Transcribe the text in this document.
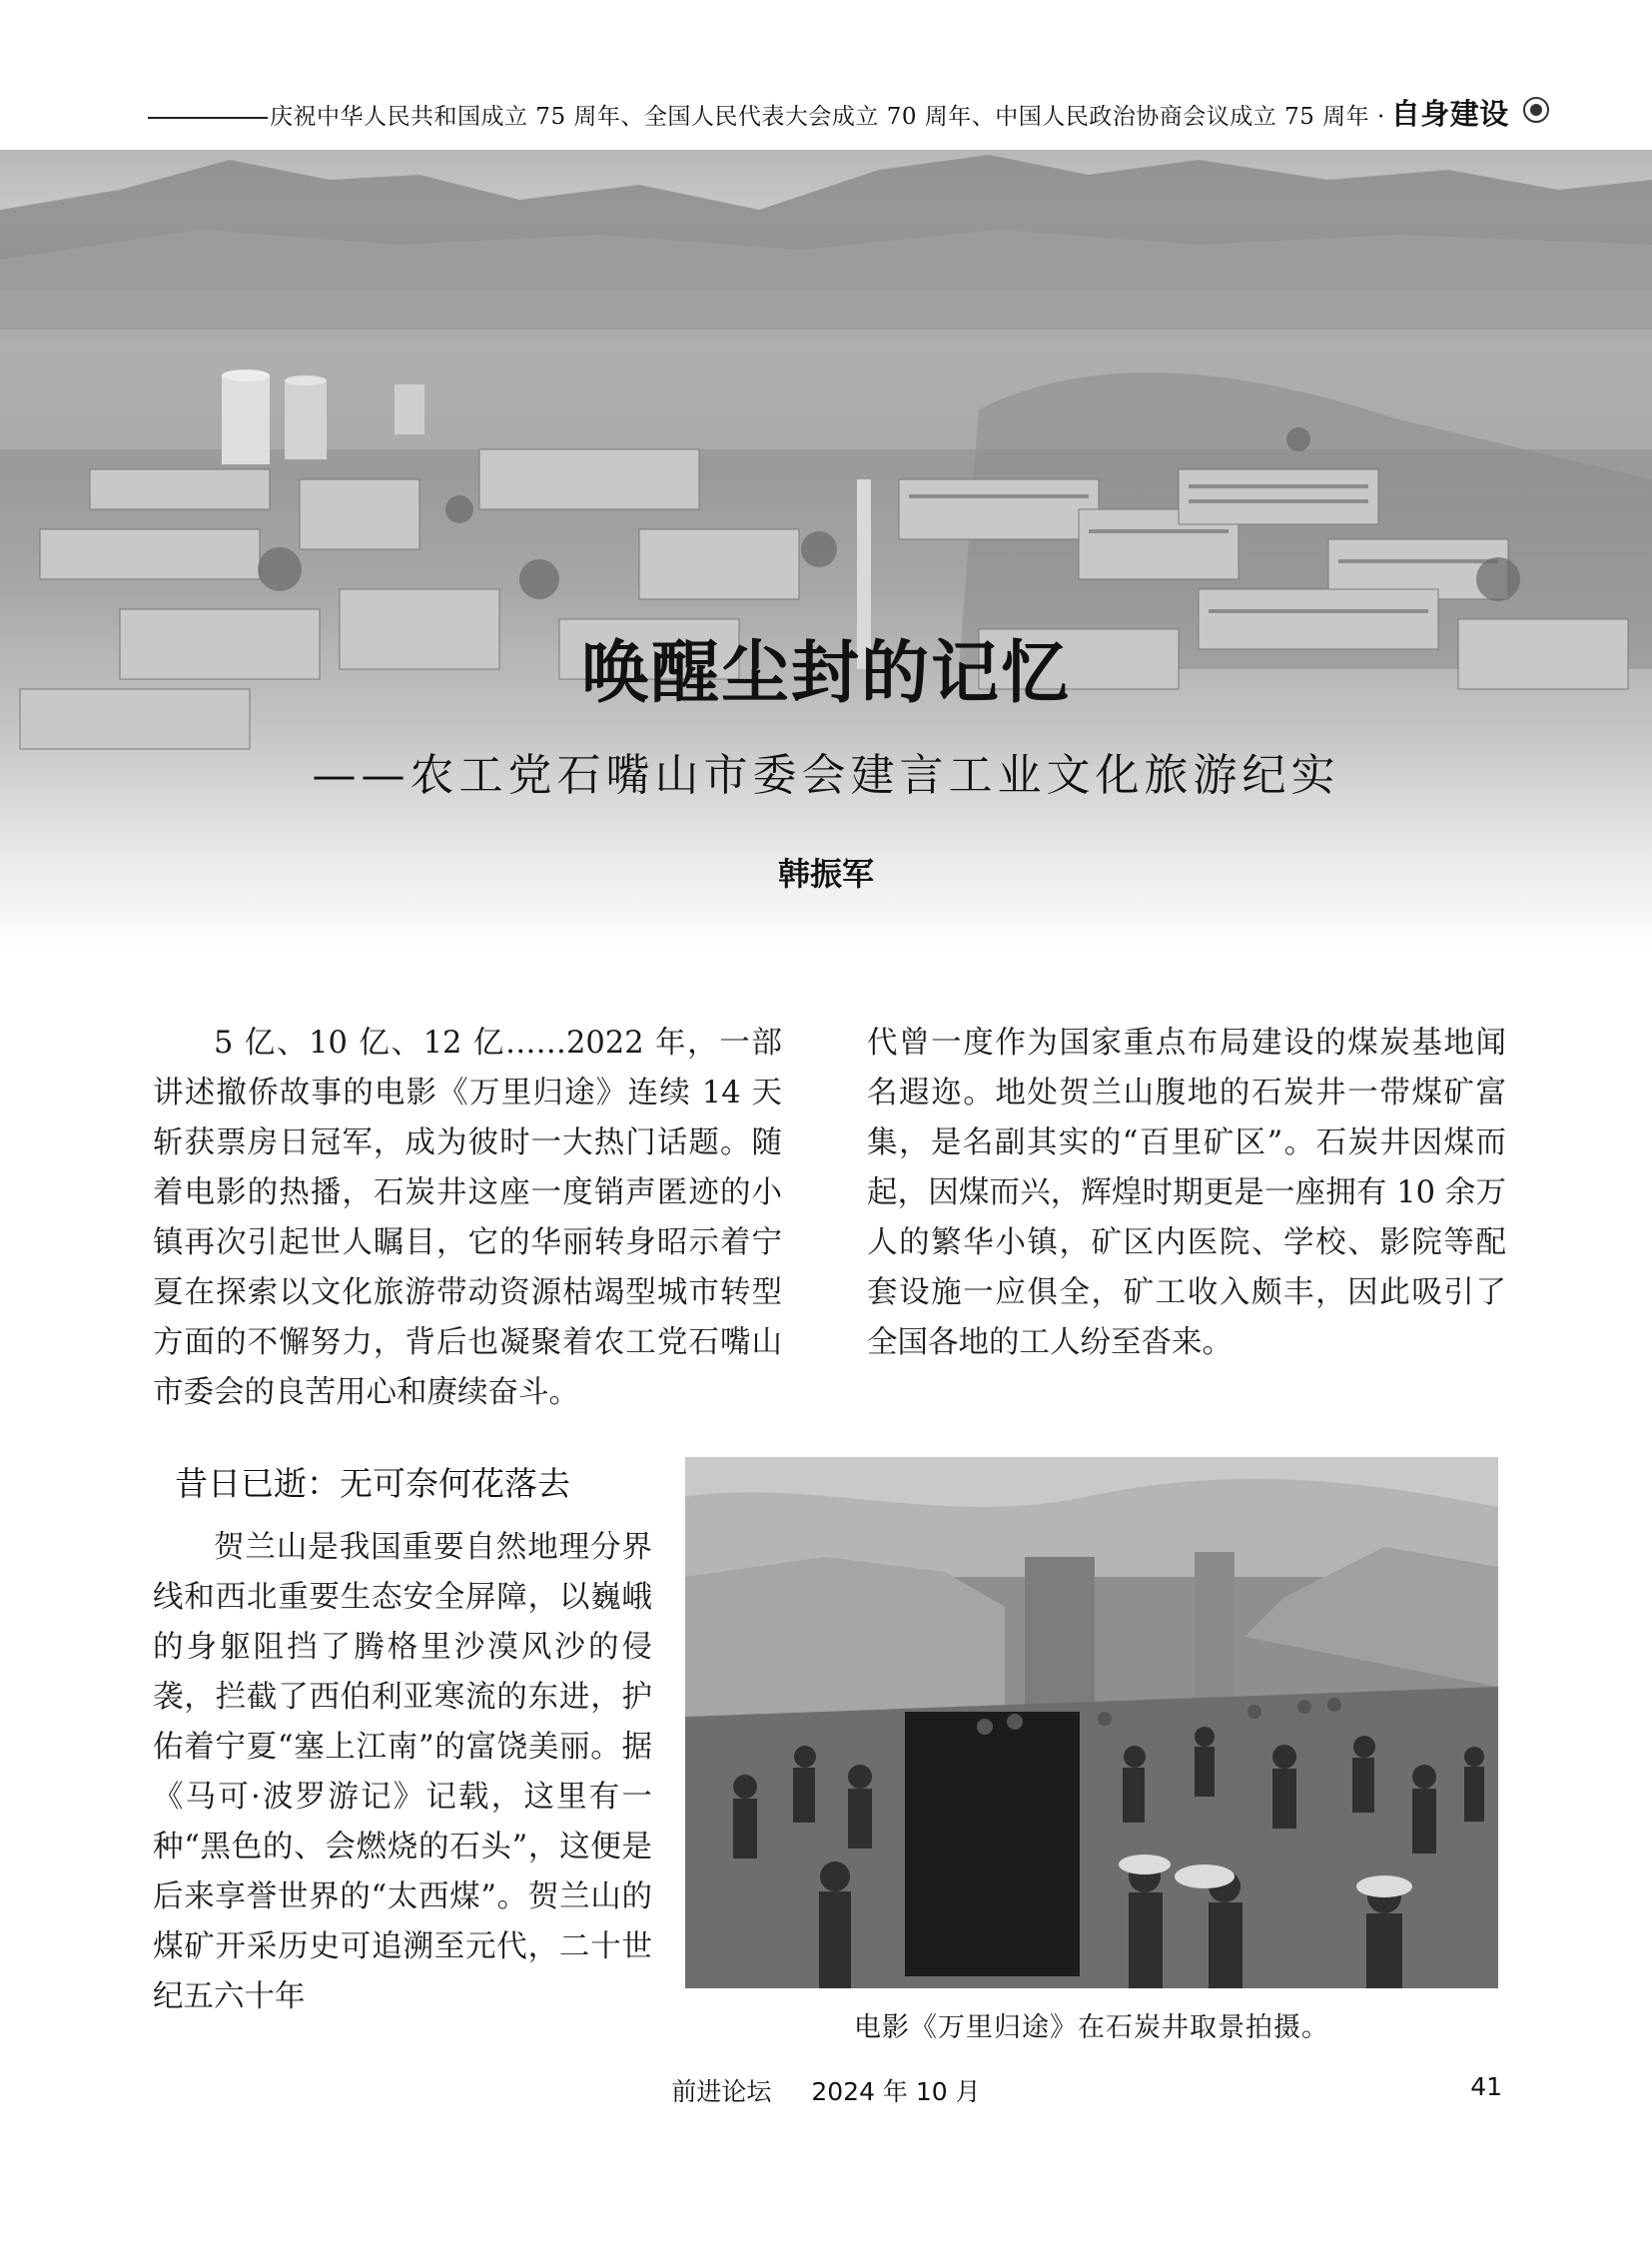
庆祝中华人民共和国成立 75 周年、全国人民代表大会成立 70 周年、中国人民政治协商会议成立 75 周年 · 自身建设
唤醒尘封的记忆
——农工党石嘴山市委会建言工业文化旅游纪实
韩振军

5 亿、10 亿、12 亿……2022 年，一部讲述撤侨故事的电影《万里归途》连续 14 天斩获票房日冠军，成为彼时一大热门话题。随着电影的热播，石炭井这座一度销声匿迹的小镇再次引起世人瞩目，它的华丽转身昭示着宁夏在探索以文化旅游带动资源枯竭型城市转型方面的不懈努力，背后也凝聚着农工党石嘴山市委会的良苦用心和赓续奋斗。

代曾一度作为国家重点布局建设的煤炭基地闻名遐迩。地处贺兰山腹地的石炭井一带煤矿富集，是名副其实的“百里矿区”。石炭井因煤而起，因煤而兴，辉煌时期更是一座拥有 10 余万人的繁华小镇，矿区内医院、学校、影院等配套设施一应俱全，矿工收入颇丰，因此吸引了全国各地的工人纷至沓来。

昔日已逝：无可奈何花落去

贺兰山是我国重要自然地理分界线和西北重要生态安全屏障，以巍峨的身躯阻挡了腾格里沙漠风沙的侵袭，拦截了西伯利亚寒流的东进，护佑着宁夏“塞上江南”的富饶美丽。据《马可·波罗游记》记载，这里有一种“黑色的、会燃烧的石头”，这便是后来享誉世界的“太西煤”。贺兰山的煤矿开采历史可追溯至元代，二十世纪五六十年

电影《万里归途》在石炭井取景拍摄。
前进论坛 2024 年 10 月	41
